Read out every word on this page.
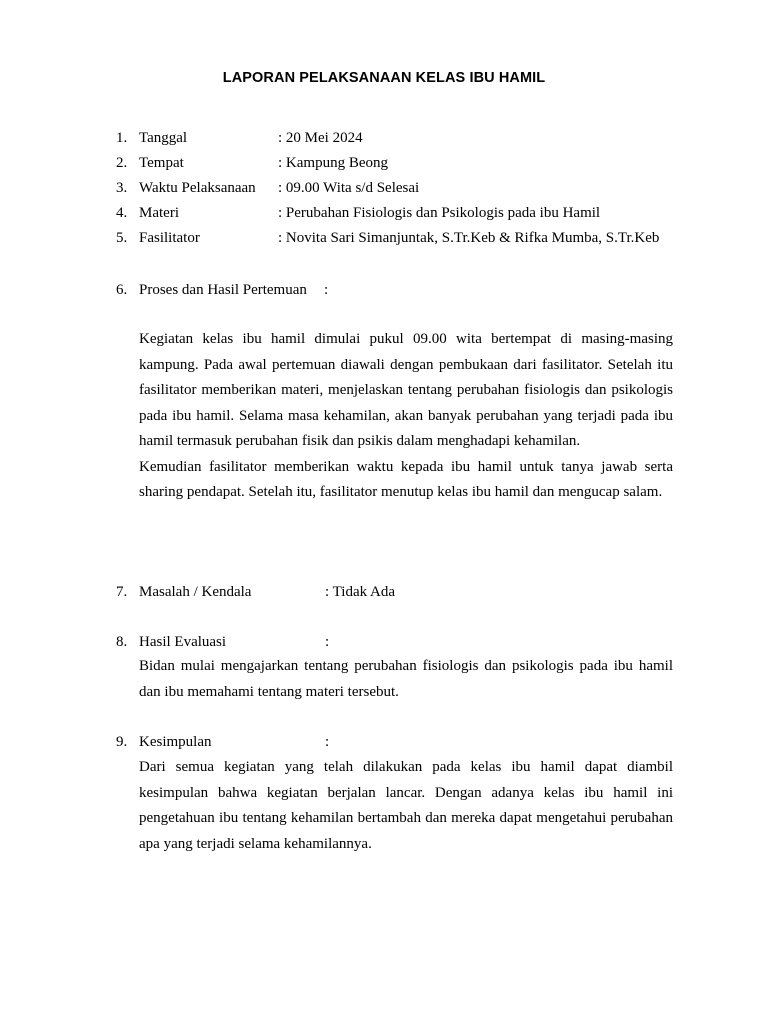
LAPORAN PELAKSANAAN KELAS IBU HAMIL
1. Tanggal	: 20 Mei 2024
2. Tempat	: Kampung Beong
3. Waktu Pelaksanaan : 09.00 Wita s/d Selesai
4. Materi	: Perubahan Fisiologis dan Psikologis pada ibu Hamil
5. Fasilitator	: Novita Sari Simanjuntak, S.Tr.Keb & Rifka Mumba, S.Tr.Keb
6. Proses dan Hasil Pertemuan :

Kegiatan kelas ibu hamil dimulai pukul 09.00 wita bertempat di masing-masing kampung. Pada awal pertemuan diawali dengan pembukaan dari fasilitator. Setelah itu fasilitator memberikan materi, menjelaskan tentang perubahan fisiologis dan psikologis pada ibu hamil. Selama masa kehamilan, akan banyak perubahan yang terjadi pada ibu hamil termasuk perubahan fisik dan psikis dalam menghadapi kehamilan.

Kemudian fasilitator memberikan waktu kepada ibu hamil untuk tanya jawab serta sharing pendapat. Setelah itu, fasilitator menutup kelas ibu hamil dan mengucap salam.

7. Masalah / Kendala	: Tidak Ada
8. Hasil Evaluasi	:

Bidan mulai mengajarkan tentang perubahan fisiologis dan psikologis pada ibu hamil dan ibu memahami tentang materi tersebut.

9. Kesimpulan	:

Dari semua kegiatan yang telah dilakukan pada kelas ibu hamil dapat diambil kesimpulan bahwa kegiatan berjalan lancar. Dengan adanya kelas ibu hamil ini pengetahuan ibu tentang kehamilan bertambah dan mereka dapat mengetahui perubahan apa yang terjadi selama kehamilannya.
